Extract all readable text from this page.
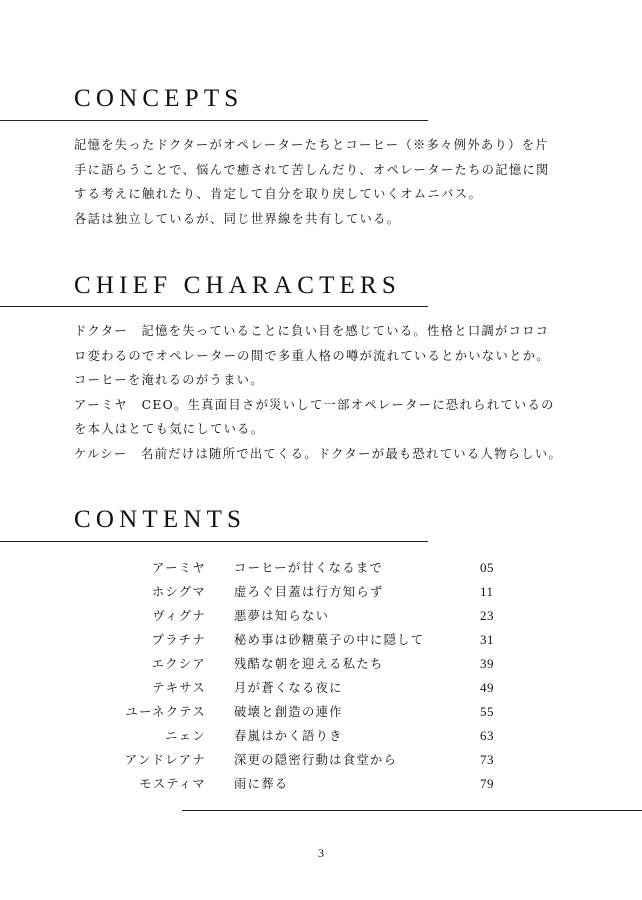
CONCEPTS
記憶を失ったドクターがオペレーターたちとコーヒー（※多々例外あり）を片
手に語らうことで、悩んで癒されて苦しんだり、オペレーターたちの記憶に関
する考えに触れたり、肯定して自分を取り戻していくオムニバス。
各話は独立しているが、同じ世界線を共有している。
CHIEF CHARACTERS
ドクター　記憶を失っていることに負い目を感じている。性格と口調がコロコ
ロ変わるのでオペレーターの間で多重人格の噂が流れているとかいないとか。
コーヒーを淹れるのがうまい。
アーミヤ　CEO。生真面目さが災いして一部オペレーターに恐れられているの
を本人はとても気にしている。
ケルシー　名前だけは随所で出てくる。ドクターが最も恐れている人物らしい。
CONTENTS
アーミヤ コーヒーが甘くなるまで	05
ホシグマ 虚ろぐ目蓋は行方知らず	11
ヴィグナ 悪夢は知らない	23
プラチナ 秘め事は砂糖菓子の中に隠して	31
エクシア 残酷な朝を迎える私たち	39
テキサス 月が蒼くなる夜に	49
ユーネクテス 破壊と創造の連作	55
ニェン 春嵐はかく語りき	63
アンドレアナ 深更の隠密行動は食堂から	73
モスティマ 雨に葬る	79
3
